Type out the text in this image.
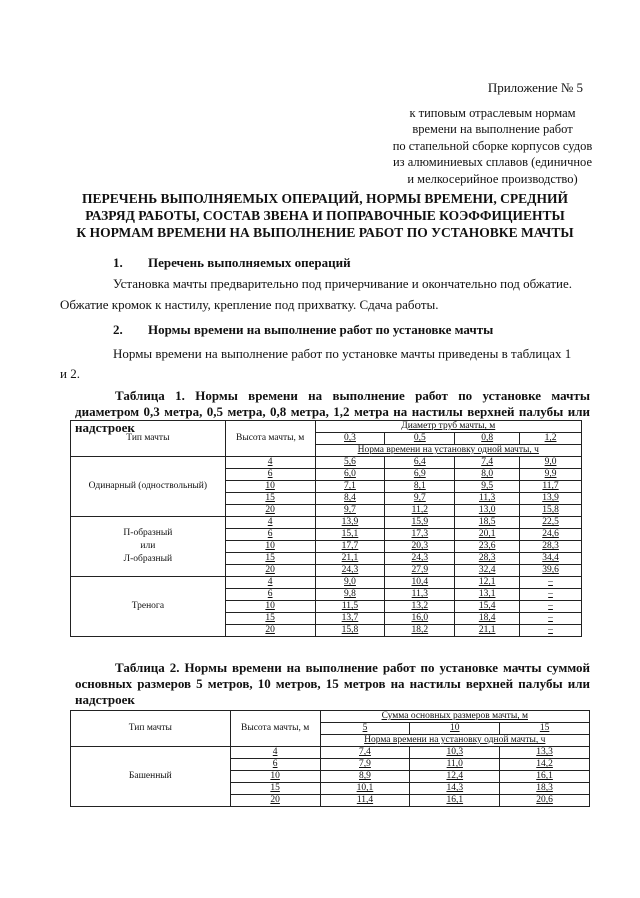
Приложение № 5
к типовым отраслевым нормам
времени на выполнение работ
по стапельной сборке корпусов судов
из алюминиевых сплавов (единичное
и мелкосерийное производство)
ПЕРЕЧЕНЬ ВЫПОЛНЯЕМЫХ ОПЕРАЦИЙ, НОРМЫ ВРЕМЕНИ, СРЕДНИЙ
РАЗРЯД РАБОТЫ, СОСТАВ ЗВЕНА И ПОПРАВОЧНЫЕ КОЭФФИЦИЕНТЫ
К НОРМАМ ВРЕМЕНИ НА ВЫПОЛНЕНИЕ РАБОТ ПО УСТАНОВКЕ МАЧТЫ
1. Перечень выполняемых операций
Установка мачты предварительно под причерчивание и окончательно под обжатие.
Обжатие кромок к настилу, крепление под прихватку. Сдача работы.
2. Нормы времени на выполнение работ по установке мачты
Нормы времени на выполнение работ по установке мачты приведены в таблицах 1
и 2.
Таблица 1. Нормы времени на выполнение работ по установке мачты диаметром 0,3 метра, 0,5 метра, 0,8 метра, 1,2 метра на настилы верхней палубы или надстроек
Тип мачты	Высота мачты, м	Диаметр труб мачты, м			
		0,3	0,5	0,8	1,2
		Норма времени на установку одной мачты, ч			
Одинарный (одноствольный)	4	5,6	6,4	7,4	9,0
	6	6,0	6,9	8,0	9,9
	10	7,1	8,1	9,5	11,7
	15	8,4	9,7	11,3	13,9
	20	9,7	11,2	13,0	15,8
П-образный
или
Л-образный	4	13,9	15,9	18,5	22,5
	6	15,1	17,3	20,1	24,6
	10	17,7	20,3	23,6	28,3
	15	21,1	24,3	28,3	34,4
	20	24,3	27,9	32,4	39,6
Тренога	4	9,0	10,4	12,1	–
	6	9,8	11,3	13,1	–
	10	11,5	13,2	15,4	–
	15	13,7	16,0	18,4	–
	20	15,8	18,2	21,1	–
Таблица 2. Нормы времени на выполнение работ по установке мачты суммой основных размеров 5 метров, 10 метров, 15 метров на настилы верхней палубы или надстроек
Тип мачты	Высота мачты, м	Сумма основных размеров мачты, м		
		5	10	15
		Норма времени на установку одной мачты, ч		
Башенный	4	7,4	10,3	13,3
	6	7,9	11,0	14,2
	10	8,9	12,4	16,1
	15	10,1	14,3	18,3
	20	11,4	16,1	20,6
